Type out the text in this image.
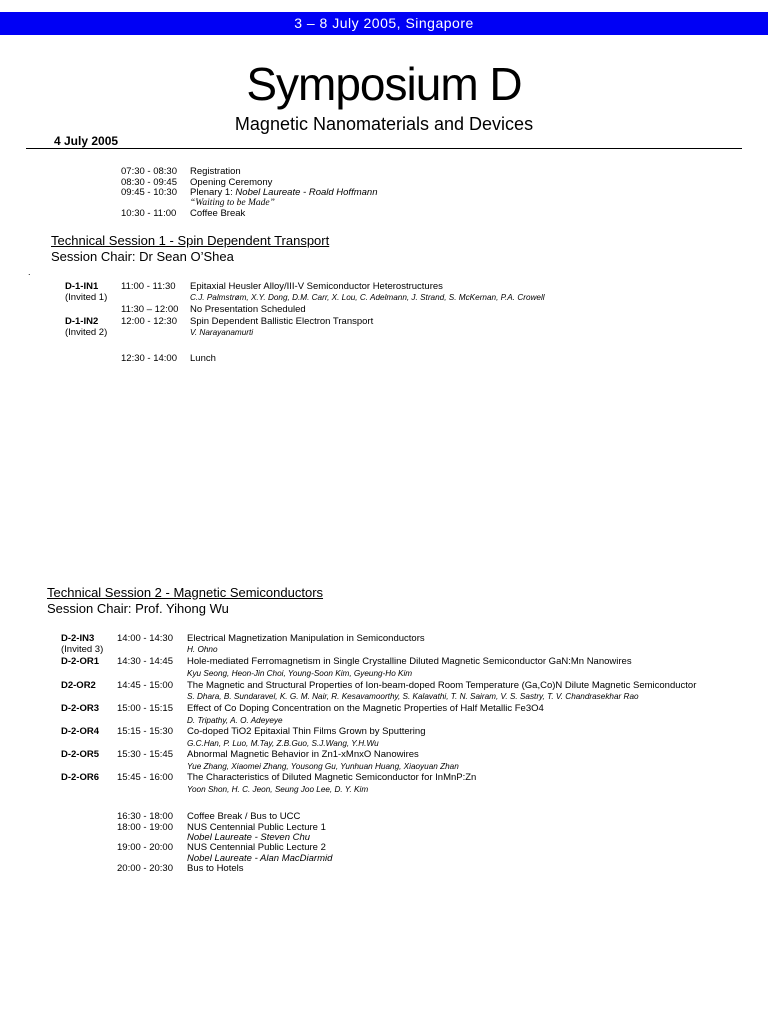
3 – 8 July 2005, Singapore
Symposium D
Magnetic Nanomaterials and Devices
4 July 2005
07:30 - 08:30 Registration
08:30 - 09:45 Opening Ceremony
09:45 - 10:30 Plenary 1: Nobel Laureate - Roald Hoffmann
“Waiting to be Made”
10:30 - 11:00 Coffee Break
Technical Session 1 - Spin Dependent Transport
Session Chair: Dr Sean O’Shea
.
D-1-IN1 11:00 - 11:30 Epitaxial Heusler Alloy/III-V Semiconductor Heterostructures
(Invited 1)	C.J. Palmstrøm, X.Y. Dong, D.M. Carr, X. Lou, C. Adelmann, J. Strand, S. McKernan, P.A. Crowell
11:30 – 12:00 No Presentation Scheduled
D-1-IN2 12:00 - 12:30 Spin Dependent Ballistic Electron Transport
(Invited 2)	V. Narayanamurti
12:30 - 14:00 Lunch
Technical Session 2 - Magnetic Semiconductors
Session Chair: Prof. Yihong Wu
D-2-IN3 14:00 - 14:30 Electrical Magnetization Manipulation in Semiconductors
(Invited 3)	H. Ohno
D-2-OR1 14:30 - 14:45 Hole-mediated Ferromagnetism in Single Crystalline Diluted Magnetic Semiconductor GaN:Mn Nanowires
Kyu Seong, Heon-Jin Choi, Young-Soon Kim, Gyeung-Ho Kim
D2-OR2 14:45 - 15:00 The Magnetic and Structural Properties of Ion-beam-doped Room Temperature (Ga,Co)N Dilute Magnetic Semiconductor
S. Dhara, B. Sundaravel, K. G. M. Nair, R. Kesavamoorthy, S. Kalavathi, T. N. Sairam, V. S. Sastry, T. V. Chandrasekhar Rao
D-2-OR3 15:00 - 15:15 Effect of Co Doping Concentration on the Magnetic Properties of Half Metallic Fe3O4
D. Tripathy, A. O. Adeyeye
D-2-OR4 15:15 - 15:30 Co-doped TiO2 Epitaxial Thin Films Grown by Sputtering
G.C.Han, P. Luo, M.Tay, Z.B.Guo, S.J.Wang, Y.H.Wu
D-2-OR5 15:30 - 15:45 Abnormal Magnetic Behavior in Zn1-xMnxO Nanowires
Yue Zhang, Xiaomei Zhang, Yousong Gu, Yunhuan Huang, Xiaoyuan Zhan
D-2-OR6 15:45 - 16:00 The Characteristics of Diluted Magnetic Semiconductor for InMnP:Zn
Yoon Shon, H. C. Jeon, Seung Joo Lee, D. Y. Kim
16:30 - 18:00 Coffee Break / Bus to UCC
18:00 - 19:00 NUS Centennial Public Lecture 1
Nobel Laureate - Steven Chu
19:00 - 20:00 NUS Centennial Public Lecture 2
Nobel Laureate - Alan MacDiarmid
20:00 - 20:30 Bus to Hotels
